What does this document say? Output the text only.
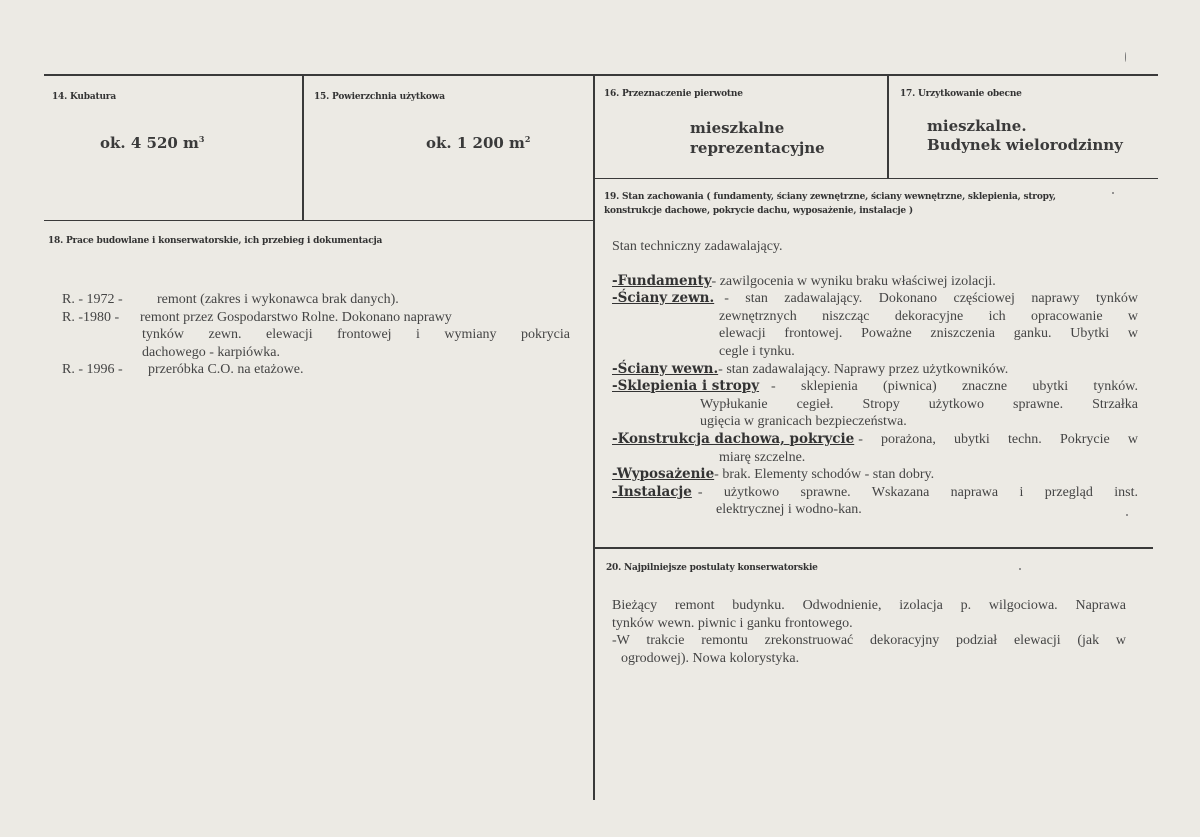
14. Kubatura
ok. 4 520 $m^3$
15. Powierzchnia użytkowa
ok. 1 200 $m^2$
16. Przeznaczenie pierwotne
mieszkalne
reprezentacyjne
17. Urzytkowanie obecne
mieszkalne.
Budynek wielorodzinny
19. Stan zachowania ( fundamenty, ściany zewnętrzne, ściany wewnętrzne, sklepienia, stropy,
konstrukcje dachowe, pokrycie dachu, wyposażenie, instalacje )
18. Prace budowlane i konserwatorskie, ich przebieg i dokumentacja
R. - 1972 - remont (zakres i wykonawca brak danych).
R. -1980 - remont przez Gospodarstwo Rolne. Dokonano naprawy
tynków zewn. elewacji frontowej i wymiany pokrycia
dachowego - karpiówka.
R. - 1996 - przeróbka C.O. na etażowe.
Stan techniczny zadawalający.
-Fundamenty- zawilgocenia w wyniku braku właściwej izolacji.
-Ściany zewn. - stan zadawalający. Dokonano częściowej naprawy tynków
zewnętrznych niszcząc dekoracyjne ich opracowanie w
elewacji frontowej. Poważne zniszczenia ganku. Ubytki w
cegle i tynku.
-Ściany wewn.- stan zadawalający. Naprawy przez użytkowników.
-Sklepienia i stropy - sklepienia (piwnica) znaczne ubytki tynków.
Wypłukanie cegieł. Stropy użytkowo sprawne. Strzałka
ugięcia w granicach bezpieczeństwa.
-Konstrukcja dachowa, pokrycie - porażona, ubytki techn. Pokrycie w
miarę szczelne.
-Wyposażenie- brak. Elementy schodów - stan dobry.
-Instalacje - użytkowo sprawne. Wskazana naprawa i przegląd inst.
elektrycznej i wodno-kan.
20. Najpilniejsze postulaty konserwatorskie
Bieżący remont budynku. Odwodnienie, izolacja p. wilgociowa. Naprawa
tynków wewn. piwnic i ganku frontowego.
-W trakcie remontu zrekonstruować dekoracyjny podział elewacji (jak w
ogrodowej). Nowa kolorystyka.
